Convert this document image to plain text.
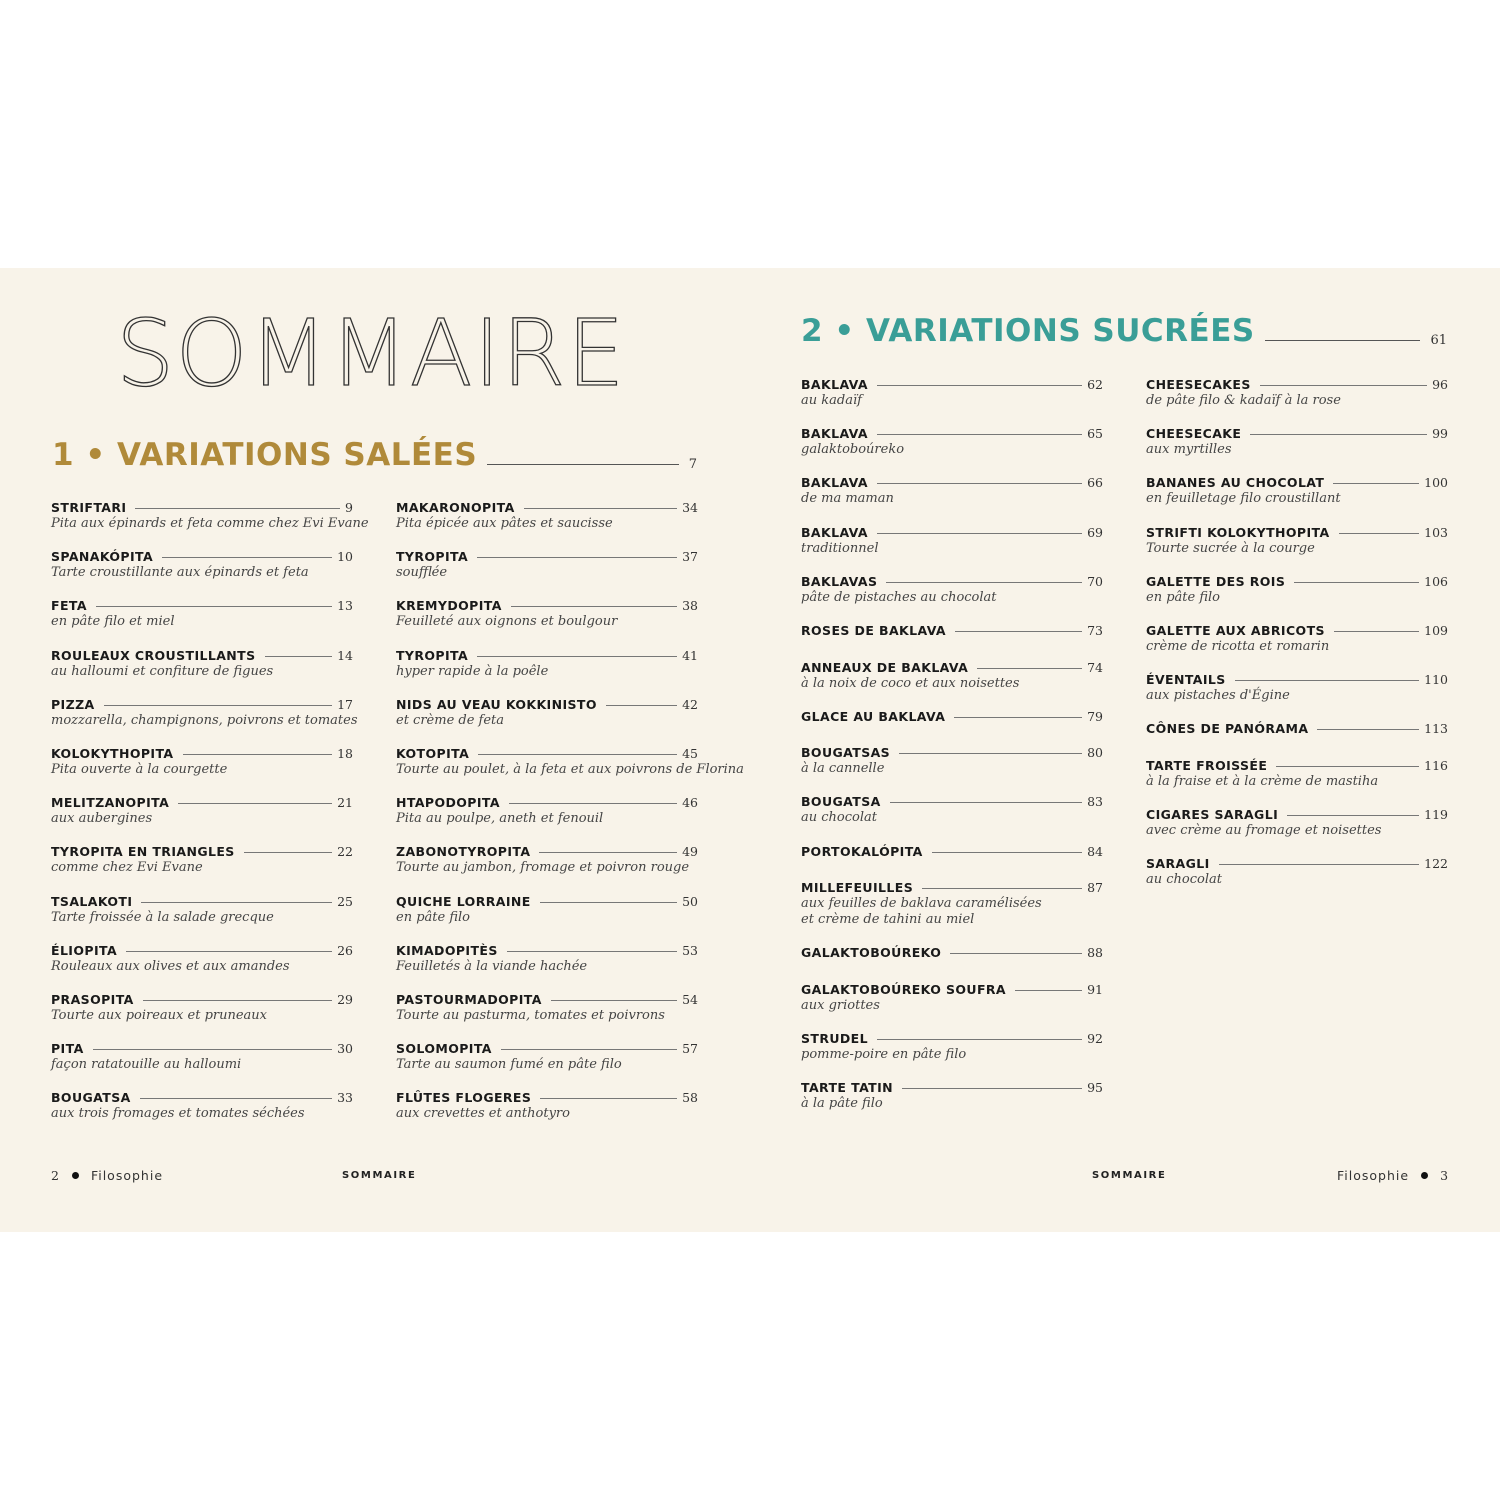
SOMMAIRE
1 • VARIATIONS SALÉES	7
2 • VARIATIONS SUCRÉES	61
STRIFTARI	9
Pita aux épinards et feta comme chez Evi Evane
SPANAKÓPITA	10
Tarte croustillante aux épinards et feta
FETA	13
en pâte filo et miel
ROULEAUX CROUSTILLANTS	14
au halloumi et confiture de figues
PIZZA	17
mozzarella, champignons, poivrons et tomates
KOLOKYTHOPITA	18
Pita ouverte à la courgette
MELITZANOPITA	21
aux aubergines
TYROPITA EN TRIANGLES	22
comme chez Evi Evane
TSALAKOTI	25
Tarte froissée à la salade grecque
ÉLIOPITA	26
Rouleaux aux olives et aux amandes
PRASOPITA	29
Tourte aux poireaux et pruneaux
PITA	30
façon ratatouille au halloumi
BOUGATSA	33
aux trois fromages et tomates séchées
MAKARONOPITA	34
Pita épicée aux pâtes et saucisse
TYROPITA	37
soufflée
KREMYDOPITA	38
Feuilleté aux oignons et boulgour
TYROPITA	41
hyper rapide à la poêle
NIDS AU VEAU KOKKINISTO	42
et crème de feta
KOTOPITA	45
Tourte au poulet, à la feta et aux poivrons de Florina
HTAPODOPITA	46
Pita au poulpe, aneth et fenouil
ZABONOTYROPITA	49
Tourte au jambon, fromage et poivron rouge
QUICHE LORRAINE	50
en pâte filo
KIMADOPITÈS	53
Feuilletés à la viande hachée
PASTOURMADOPITA	54
Tourte au pasturma, tomates et poivrons
SOLOMOPITA	57
Tarte au saumon fumé en pâte filo
FLÛTES FLOGERES	58
aux crevettes et anthotyro
BAKLAVA	62
au kadaïf
BAKLAVA	65
galaktoboúreko
BAKLAVA	66
de ma maman
BAKLAVA	69
traditionnel
BAKLAVAS	70
pâte de pistaches au chocolat
ROSES DE BAKLAVA	73
ANNEAUX DE BAKLAVA	74
à la noix de coco et aux noisettes
GLACE AU BAKLAVA	79
BOUGATSAS	80
à la cannelle
BOUGATSA	83
au chocolat
PORTOKALÓPITA	84
MILLEFEUILLES	87
aux feuilles de baklava caramélisées
et crème de tahini au miel
GALAKTOBOÚREKO	88
GALAKTOBOÚREKO SOUFRA	91
aux griottes
STRUDEL	92
pomme-poire en pâte filo
TARTE TATIN	95
à la pâte filo
CHEESECAKES	96
de pâte filo & kadaïf à la rose
CHEESECAKE	99
aux myrtilles
BANANES AU CHOCOLAT	100
en feuilletage filo croustillant
STRIFTI KOLOKYTHOPITA	103
Tourte sucrée à la courge
GALETTE DES ROIS	106
en pâte filo
GALETTE AUX ABRICOTS	109
crème de ricotta et romarin
ÉVENTAILS	110
aux pistaches d'Égine
CÔNES DE PANÓRAMA	113
TARTE FROISSÉE	116
à la fraise et à la crème de mastiha
CIGARES SARAGLI	119
avec crème au fromage et noisettes
SARAGLI	122
au chocolat
2 Filosophie	SOMMAIRE	SOMMAIRE	Filosophie 3
